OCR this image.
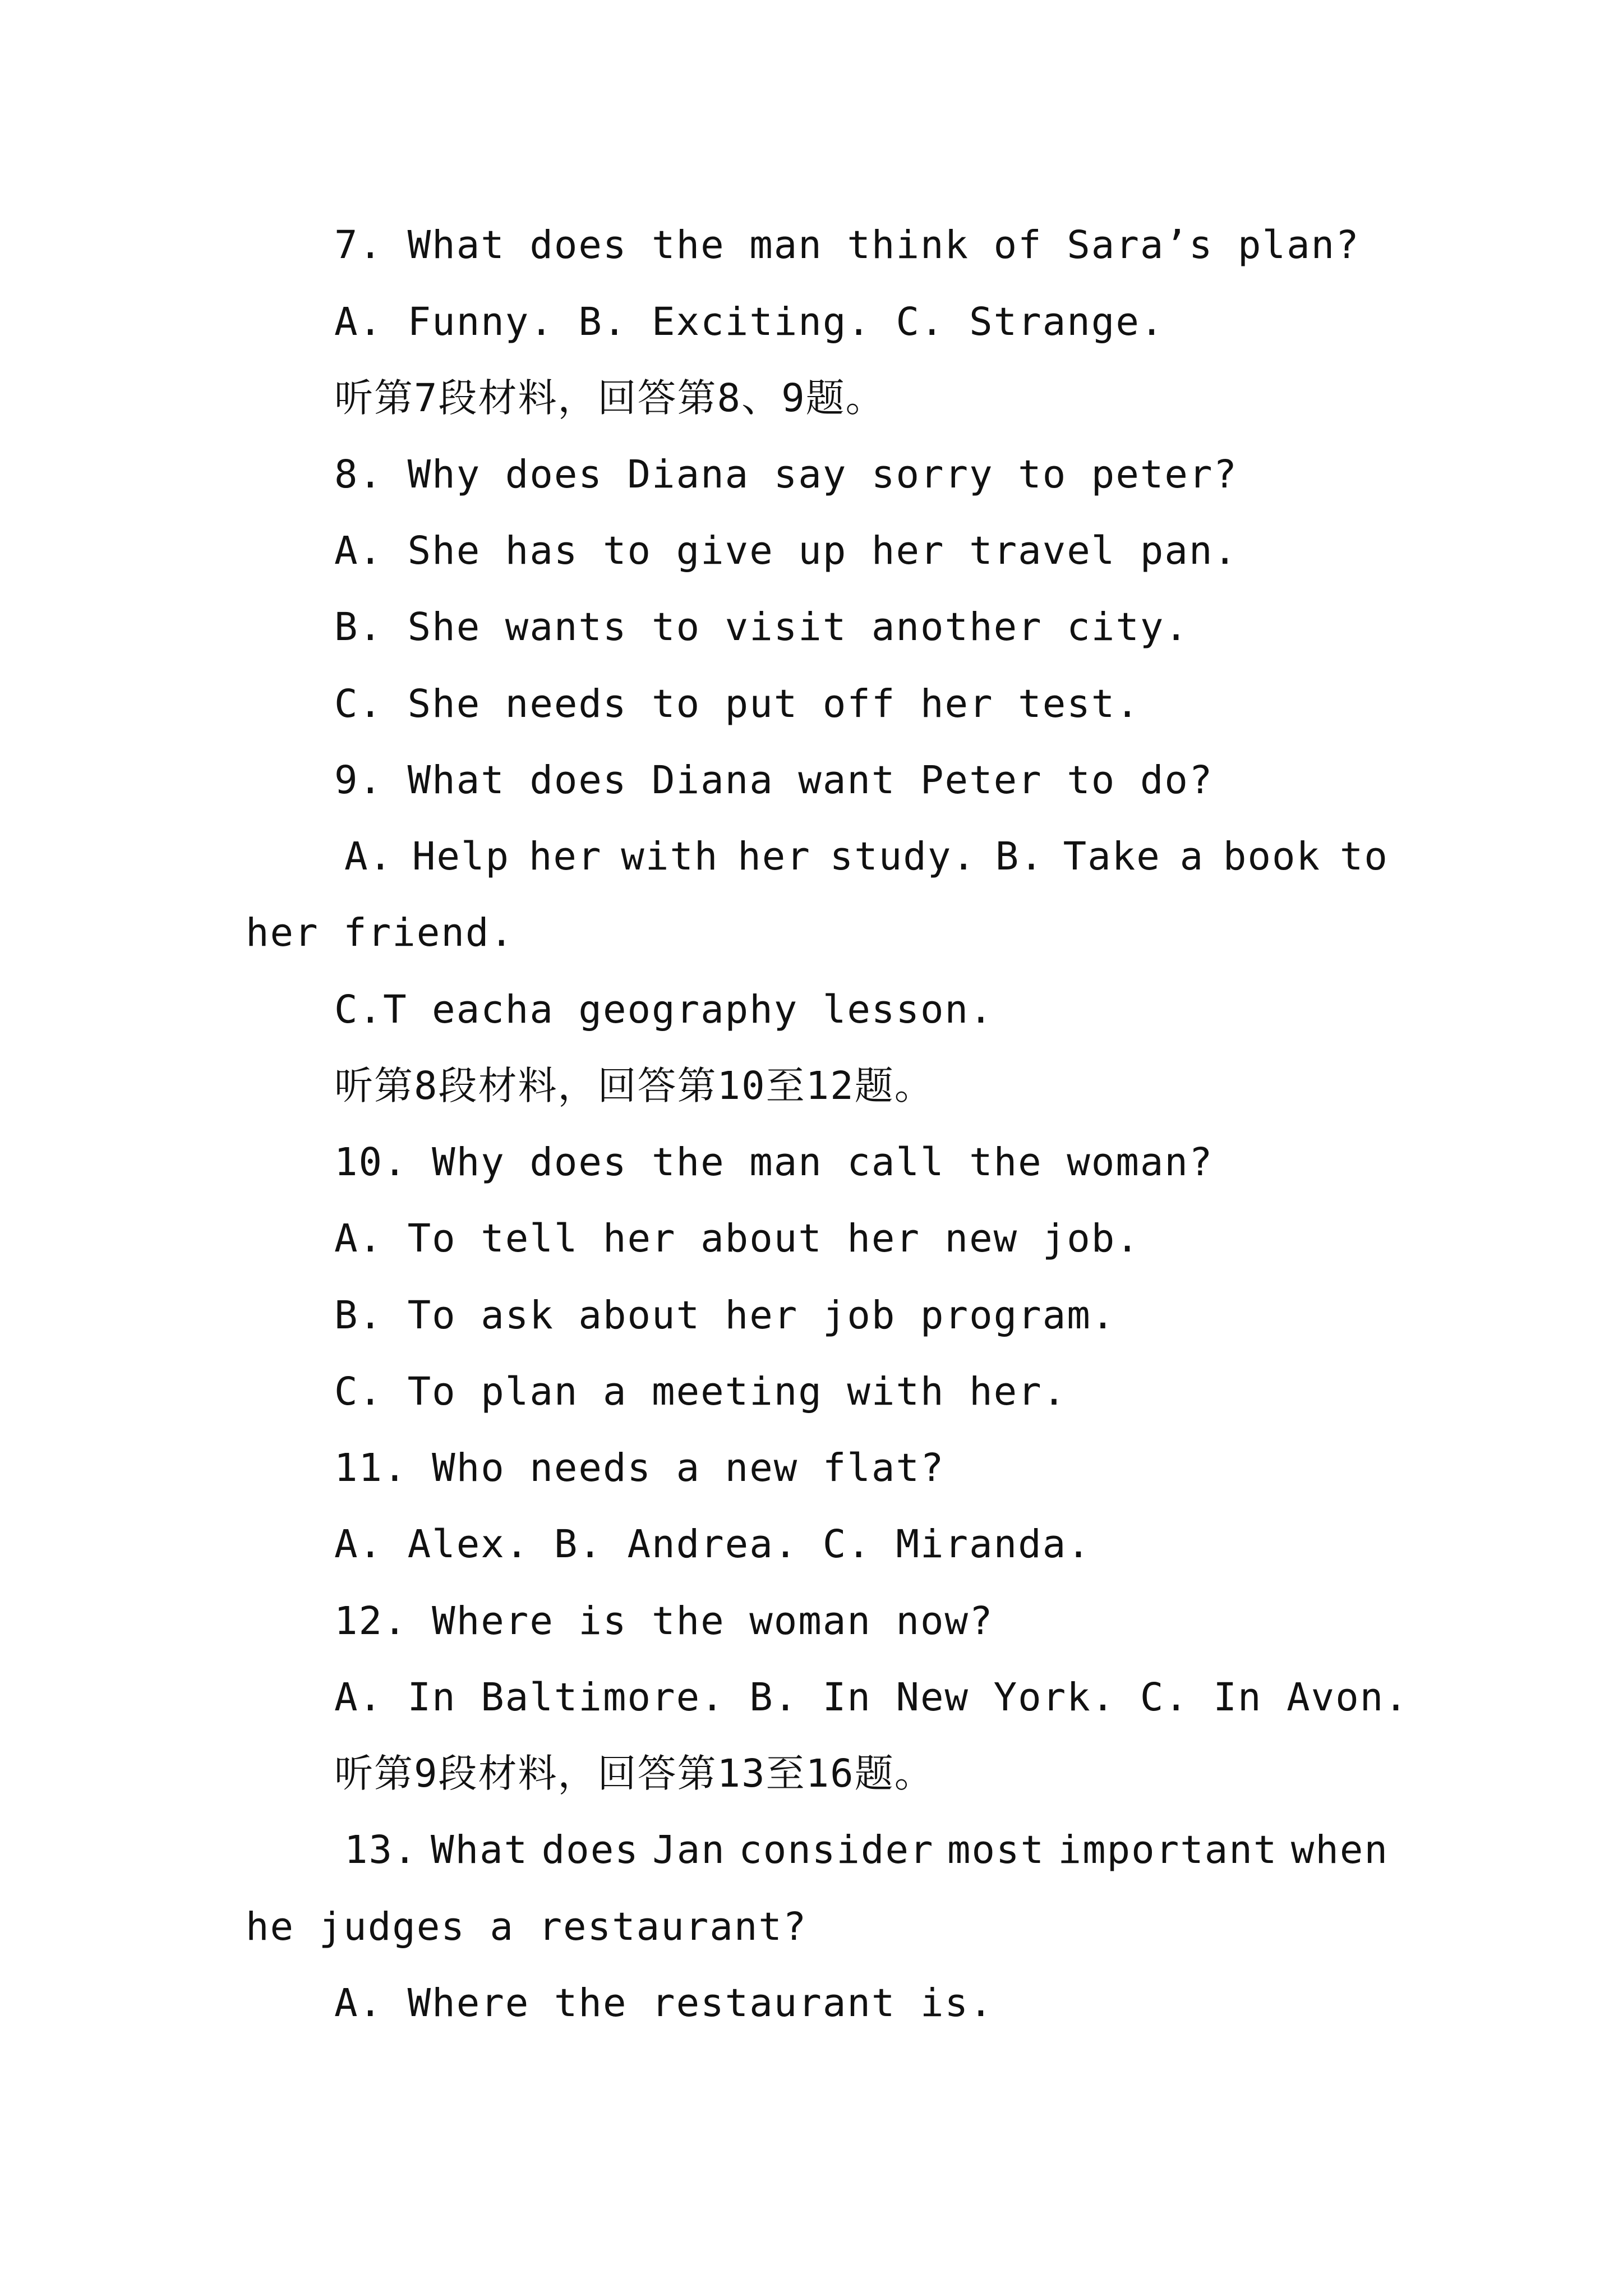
7. What does the man think of Sara’s plan?
A. Funny. B. Exciting. C. Strange.
听第7段材料，回答第8、9题。
8. Why does Diana say sorry to peter?
A. She has to give up her travel pan.
B. She wants to visit another city.
C. She needs to put off her test.
9. What does Diana want Peter to do?
A. Help her with her study. B. Take a book to
her friend.
C.T eacha geography lesson.
听第8段材料，回答第10至12题。
10. Why does the man call the woman?
A. To tell her about her new job.
B. To ask about her job program.
C. To plan a meeting with her.
11. Who needs a new flat?
A. Alex. B. Andrea. C. Miranda.
12. Where is the woman now?
A. In Baltimore. B. In New York. C. In Avon.
听第9段材料，回答第13至16题。
13. What does Jan consider most important when
he judges a restaurant?
A. Where the restaurant is.
